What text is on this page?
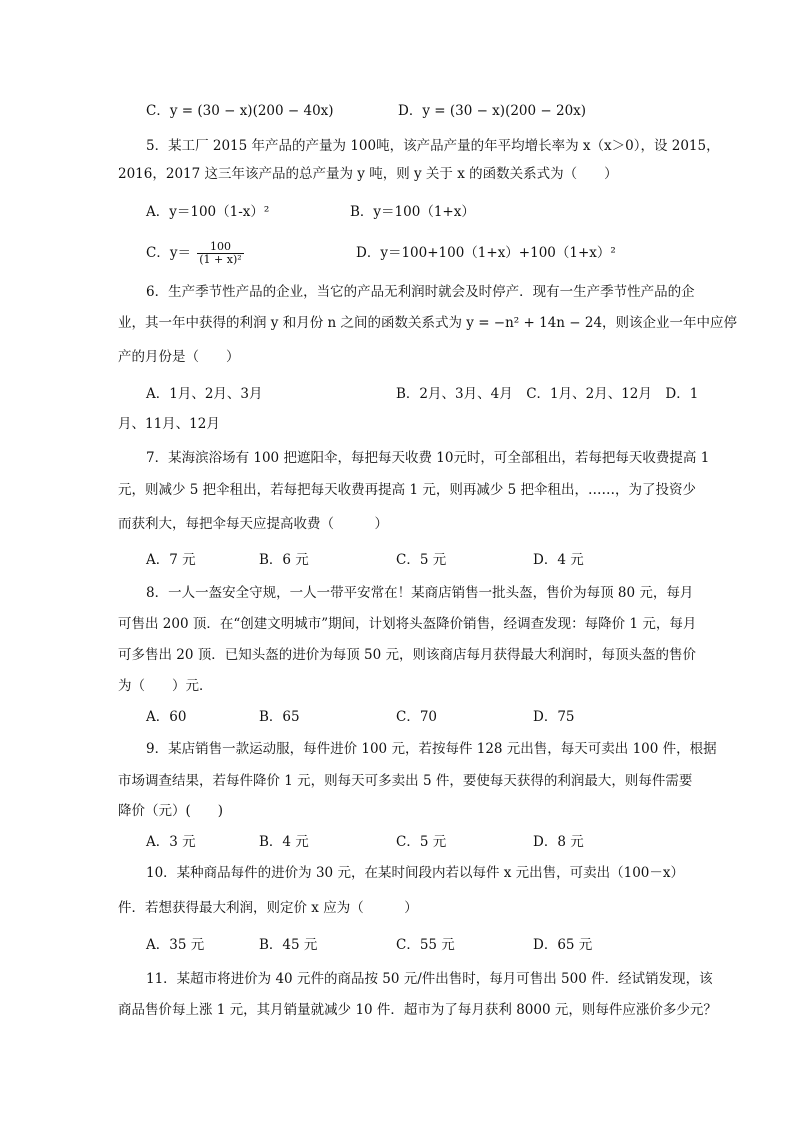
C．y = (30 − x)(200 − 40x)	D．y = (30 − x)(200 − 20x)
5．某工厂 2015 年产品的产量为 100吨，该产品产量的年平均增长率为 x（x＞0），设 2015，
2016，2017 这三年该产品的总产量为 y 吨，则 y 关于 x 的函数关系式为（　　）
A．y＝100（1-x）²	B．y＝100（1+x）
C．$y= \frac{100}{\text{(1 + x)²}}$	D．y＝100+100（1+x）+100（1+x）²
6．生产季节性产品的企业，当它的产品无利润时就会及时停产．现有一生产季节性产品的企
业，其一年中获得的利润 y 和月份 n 之间的函数关系式为 y = −n² + 14n − 24，则该企业一年中应停
产的月份是（　　）
A．1月、2月、3月	B．2月、3月、4月　C．1月、2月、12月　D．1
月、11月、12月
7．某海滨浴场有 100 把遮阳伞，每把每天收费 10元时，可全部租出，若每把每天收费提高 1
元，则减少 5 把伞租出，若每把每天收费再提高 1 元，则再减少 5 把伞租出，……，为了投资少
而获利大，每把伞每天应提高收费（　　　）
A．7 元	B．6 元	C．5 元	D．4 元
8．一人一盔安全守规，一人一带平安常在！某商店销售一批头盔，售价为每顶 80 元，每月
可售出 200 顶．在“创建文明城市”期间，计划将头盔降价销售，经调查发现：每降价 1 元，每月
可多售出 20 顶．已知头盔的进价为每顶 50 元，则该商店每月获得最大利润时，每顶头盔的售价
为（　　）元．
A．60	B．65	C．70	D．75
9．某店销售一款运动服，每件进价 100 元，若按每件 128 元出售，每天可卖出 100 件，根据
市场调查结果，若每件降价 1 元，则每天可多卖出 5 件，要使每天获得的利润最大，则每件需要
降价（元）(　　)
A．3 元	B．4 元	C．5 元	D．8 元
10．某种商品每件的进价为 30 元，在某时间段内若以每件 x 元出售，可卖出（100－x）
件．若想获得最大利润，则定价 x 应为（　　　）
A．35 元	B．45 元	C．55 元	D．65 元
11．某超市将进价为 40 元件的商品按 50 元/件出售时，每月可售出 500 件．经试销发现，该
商品售价每上涨 1 元，其月销量就减少 10 件．超市为了每月获利 8000 元，则每件应涨价多少元？
